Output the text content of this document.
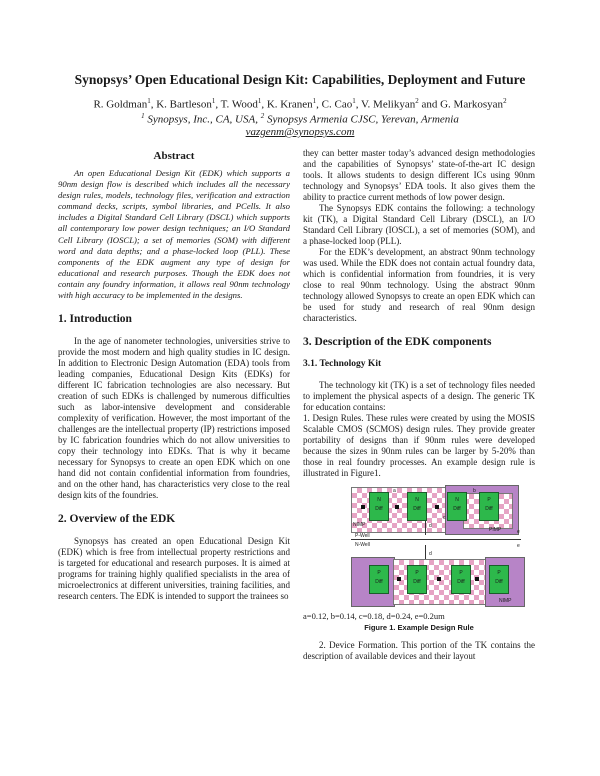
Synopsys’ Open Educational Design Kit: Capabilities, Deployment and Future
R. Goldman$^1$, K. Bartleson$^1$, T. Wood$^1$, K. Kranen$^1$, C. Cao$^1$, V. Melikyan$^2$ and G. Markosyan$^2$
$^1$ Synopsys, Inc., CA, USA, $^2$ Synopsys Armenia CJSC, Yerevan, Armenia
vazgenm@synopsys.com
Abstract

An open Educational Design Kit (EDK) which supports a 90nm design flow is described which includes all the necessary design rules, models, technology files, verification and extraction command decks, scripts, symbol libraries, and PCells. It also includes a Digital Standard Cell Library (DSCL) which supports all contemporary low power design techniques; an I/O Standard Cell Library (IOSCL); a set of memories (SOM) with different word and data depths; and a phase-locked loop (PLL). These components of the EDK augment any type of design for educational and research purposes. Though the EDK does not contain any foundry information, it allows real 90nm technology with high accuracy to be implemented in the designs.

1. Introduction

In the age of nanometer technologies, universities strive to provide the most modern and high quality studies in IC design. In addition to Electronic Design Automation (EDA) tools from leading companies, Educational Design Kits (EDKs) for different IC fabrication technologies are also necessary. But creation of such EDKs is challenged by numerous difficulties such as labor-intensive development and considerable complexity of verification. However, the most important of the challenges are the intellectual property (IP) restrictions imposed by IC fabrication foundries which do not allow universities to copy their technology into EDKs. That is why it became necessary for Synopsys to create an open EDK which on one hand did not contain confidential information from foundries, and on the other hand, has characteristics very close to the real design kits of the foundries.

2. Overview of the EDK

Synopsys has created an open Educational Design Kit (EDK) which is free from intellectual property restrictions and is targeted for educational and research purposes. It is aimed at programs for training highly qualified specialists in the area of microelectronics at different universities, training facilities, and research centers. The EDK is intended to support the trainees so

they can better master today’s advanced design methodologies and the capabilities of Synopsys’ state-of-the-art IC design tools. It allows students to design different ICs using 90nm technology and Synopsys’ EDA tools. It also gives them the ability to practice current methods of low power design.

The Synopsys EDK contains the following: a technology kit (TK), a Digital Standard Cell Library (DSCL), an I/O Standard Cell Library (IOSCL), a set of memories (SOM), and a phase-locked loop (PLL).

For the EDK’s development, an abstract 90nm technology was used. While the EDK does not contain actual foundry data, which is confidential information from foundries, it is very close to real 90nm technology. Using the abstract 90nm technology allowed Synopsys to create an open EDK which can be used for study and research of real 90nm design characteristics.

3. Description of the EDK components
3.1. Technology Kit

The technology kit (TK) is a set of technology files needed to implement the physical aspects of a design. The generic TK for education contains:

1. Design Rules. These rules were created by using the MOSIS Scalable CMOS (SCMOS) design rules. They provide greater portability of designs than if 90nm rules were developed because the sizes in 90nm rules can be larger by 5-20% than those in real foundry processes. An example design rule is illustrated in Figure1.

N
Diff
N
Diff
N
Diff
P
Diff
NIMP
PIMP
P-Well
N-Well
d
d
e
e
a	b
c
P
Diff
P
Diff
P
Diff
P
Diff
NIMP

a=0.12, b=0.14, c=0.18, d=0.24, e=0.2um

Figure 1. Example Design Rule

2. Device Formation. This portion of the TK contains the description of available devices and their layout
